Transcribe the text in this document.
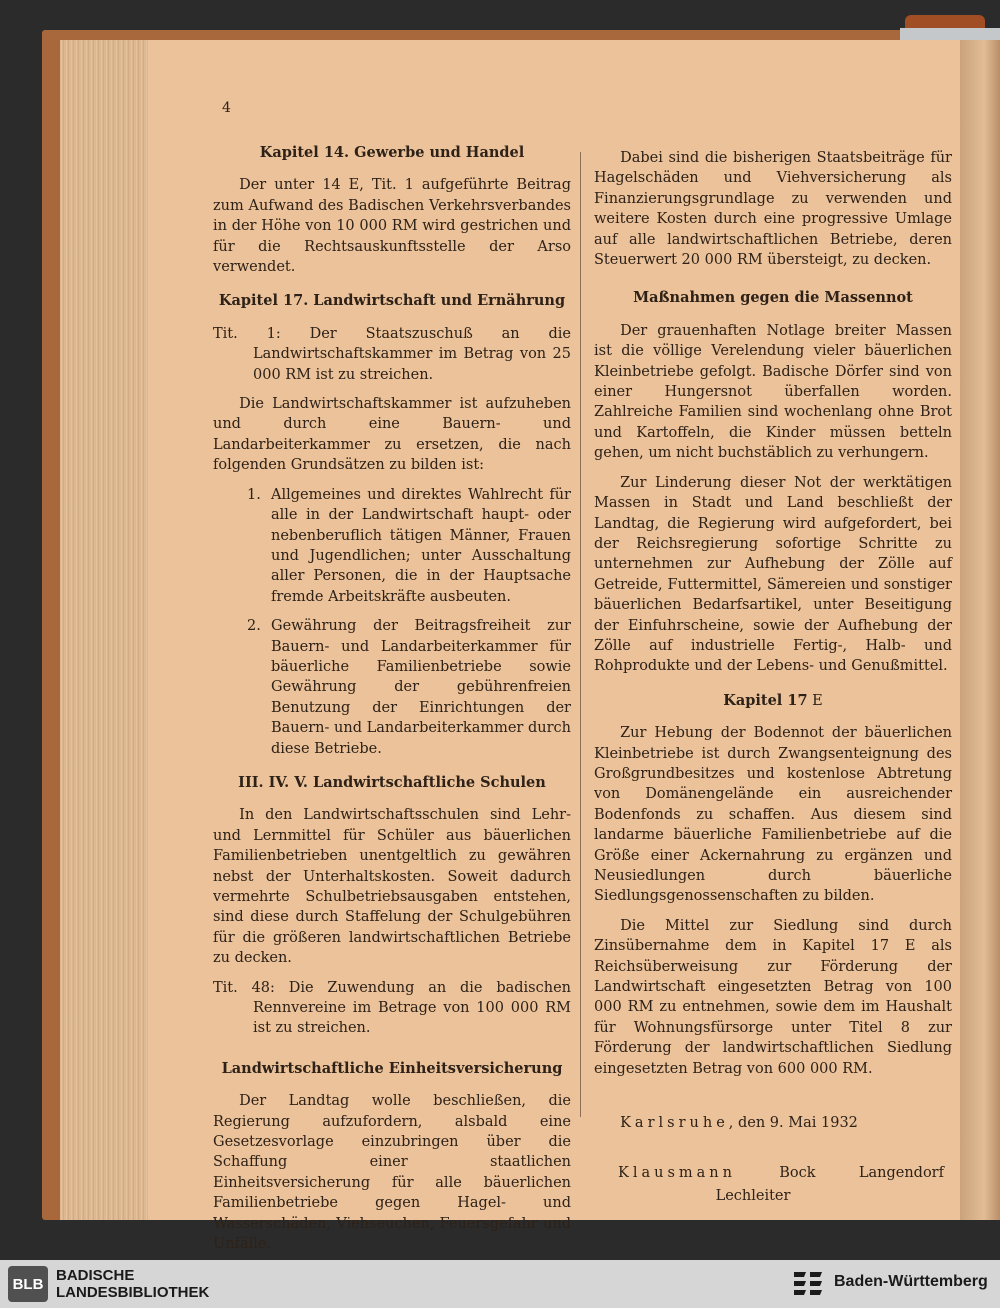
4
Kapitel 14. Gewerbe und Handel

Der unter 14 E, Tit. 1 aufgeführte Beitrag zum Aufwand des Badischen Verkehrsverbandes in der Höhe von 10 000 RM wird gestrichen und für die Rechtsauskunftsstelle der Arso verwendet.

Kapitel 17. Landwirtschaft und Ernährung

Tit. 1: Der Staatszuschuß an die Landwirtschaftskammer im Betrag von 25 000 RM ist zu streichen.

Die Landwirtschaftskammer ist aufzuheben und durch eine Bauern- und Landarbeiterkammer zu ersetzen, die nach folgenden Grundsätzen zu bilden ist:

1. Allgemeines und direktes Wahlrecht für alle in der Landwirtschaft haupt- oder nebenberuflich tätigen Männer, Frauen und Jugendlichen; unter Ausschaltung aller Personen, die in der Hauptsache fremde Arbeitskräfte ausbeuten.
2. Gewährung der Beitragsfreiheit zur Bauern- und Landarbeiterkammer für bäuerliche Familienbetriebe sowie Gewährung der gebührenfreien Benutzung der Einrichtungen der Bauern- und Landarbeiterkammer durch diese Betriebe.
III. IV. V. Landwirtschaftliche Schulen

In den Landwirtschaftsschulen sind Lehr- und Lernmittel für Schüler aus bäuerlichen Familienbetrieben unentgeltlich zu gewähren nebst der Unterhaltskosten. Soweit dadurch vermehrte Schulbetriebsausgaben entstehen, sind diese durch Staffelung der Schulgebühren für die größeren landwirtschaftlichen Betriebe zu decken.

Tit. 48: Die Zuwendung an die badischen Rennvereine im Betrage von 100 000 RM ist zu streichen.

Landwirtschaftliche Einheitsversicherung

Der Landtag wolle beschließen, die Regierung aufzufordern, alsbald eine Gesetzesvorlage einzubringen über die Schaffung einer staatlichen Einheitsversicherung für alle bäuerlichen Familienbetriebe gegen Hagel- und Wasserschäden, Viehseuchen, Feuersgefahr und Unfälle.

Dabei sind die bisherigen Staatsbeiträge für Hagelschäden und Viehversicherung als Finanzierungsgrundlage zu verwenden und weitere Kosten durch eine progressive Umlage auf alle landwirtschaftlichen Betriebe, deren Steuerwert 20 000 RM übersteigt, zu decken.

Maßnahmen gegen die Massennot

Der grauenhaften Notlage breiter Massen ist die völlige Verelendung vieler bäuerlichen Kleinbetriebe gefolgt. Badische Dörfer sind von einer Hungersnot überfallen worden. Zahlreiche Familien sind wochenlang ohne Brot und Kartoffeln, die Kinder müssen betteln gehen, um nicht buchstäblich zu verhungern.

Zur Linderung dieser Not der werktätigen Massen in Stadt und Land beschließt der Landtag, die Regierung wird aufgefordert, bei der Reichsregierung sofortige Schritte zu unternehmen zur Aufhebung der Zölle auf Getreide, Futtermittel, Sämereien und sonstiger bäuerlichen Bedarfsartikel, unter Beseitigung der Einfuhrscheine, sowie der Aufhebung der Zölle auf industrielle Fertig-, Halb- und Rohprodukte und der Lebens- und Genußmittel.

Kapitel 17 E

Zur Hebung der Bodennot der bäuerlichen Kleinbetriebe ist durch Zwangsenteignung des Großgrundbesitzes und kostenlose Abtretung von Domänengelände ein ausreichender Bodenfonds zu schaffen. Aus diesem sind landarme bäuerliche Familienbetriebe auf die Größe einer Ackernahrung zu ergänzen und Neusiedlungen durch bäuerliche Siedlungsgenossenschaften zu bilden.

Die Mittel zur Siedlung sind durch Zinsübernahme dem in Kapitel 17 E als Reichsüberweisung zur Förderung der Landwirtschaft eingesetzten Betrag von 100 000 RM zu entnehmen, sowie dem im Haushalt für Wohnungsfürsorge unter Titel 8 zur Förderung der landwirtschaftlichen Siedlung eingesetzten Betrag von 600 000 RM.

Karlsruhe, den 9. Mai 1932

Klausmann	Bock	Langendorf
Lechleiter
BLB BADISCHE
LANDESBIBLIOTHEK
Baden-Württemberg
